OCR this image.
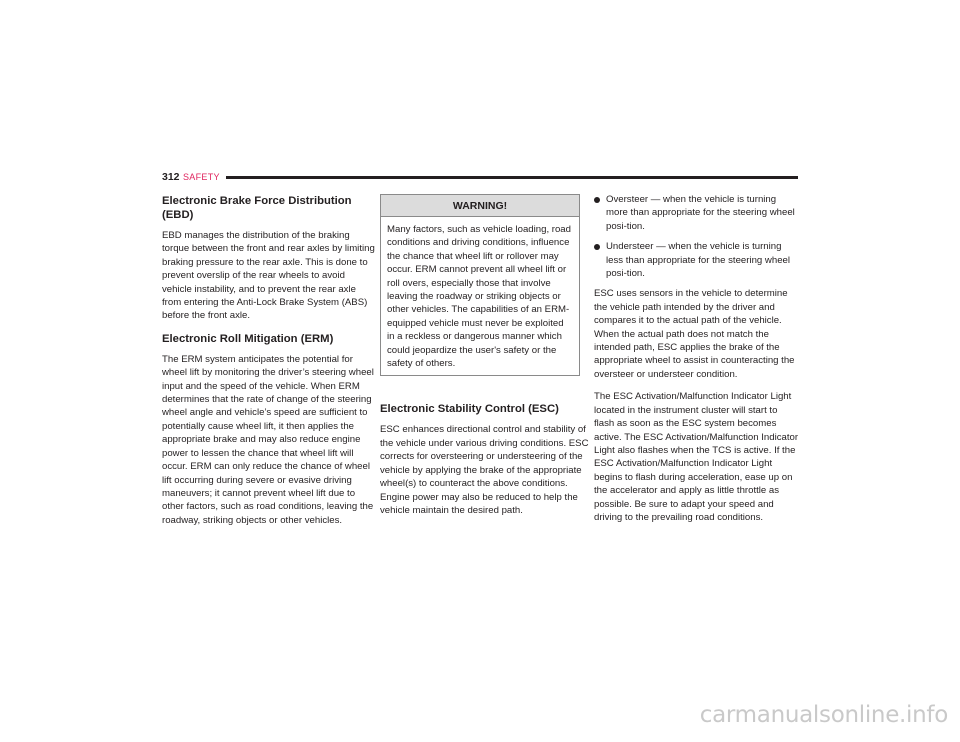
312 SAFETY
Electronic Brake Force Distribution (EBD)

EBD manages the distribution of the braking torque between the front and rear axles by limiting braking pressure to the rear axle. This is done to prevent overslip of the rear wheels to avoid vehicle instability, and to prevent the rear axle from entering the Anti-Lock Brake System (ABS) before the front axle.

Electronic Roll Mitigation (ERM)

The ERM system anticipates the potential for wheel lift by monitoring the driver’s steering wheel input and the speed of the vehicle. When ERM determines that the rate of change of the steering wheel angle and vehicle’s speed are sufficient to potentially cause wheel lift, it then applies the appropriate brake and may also reduce engine power to lessen the chance that wheel lift will occur. ERM can only reduce the chance of wheel lift occurring during severe or evasive driving maneuvers; it cannot prevent wheel lift due to other factors, such as road conditions, leaving the roadway, striking objects or other vehicles.

WARNING!
Many factors, such as vehicle loading, road conditions and driving conditions, influence the chance that wheel lift or rollover may occur. ERM cannot prevent all wheel lift or roll overs, especially those that involve leaving the roadway or striking objects or other vehicles. The capabilities of an ERM-equipped vehicle must never be exploited in a reckless or dangerous manner which could jeopardize the user's safety or the safety of others.
Electronic Stability Control (ESC)

ESC enhances directional control and stability of the vehicle under various driving conditions. ESC corrects for oversteering or understeering of the vehicle by applying the brake of the appropriate wheel(s) to counteract the above conditions. Engine power may also be reduced to help the vehicle maintain the desired path.

Oversteer — when the vehicle is turning more than appropriate for the steering wheel posi-tion.
Understeer — when the vehicle is turning less than appropriate for the steering wheel posi-tion.

ESC uses sensors in the vehicle to determine the vehicle path intended by the driver and compares it to the actual path of the vehicle. When the actual path does not match the intended path, ESC applies the brake of the appropriate wheel to assist in counteracting the oversteer or understeer condition.

The ESC Activation/Malfunction Indicator Light located in the instrument cluster will start to flash as soon as the ESC system becomes active. The ESC Activation/Malfunction Indicator Light also flashes when the TCS is active. If the ESC Activation/Malfunction Indicator Light begins to flash during acceleration, ease up on the accelerator and apply as little throttle as possible. Be sure to adapt your speed and driving to the prevailing road conditions.

carmanualsonline.info
